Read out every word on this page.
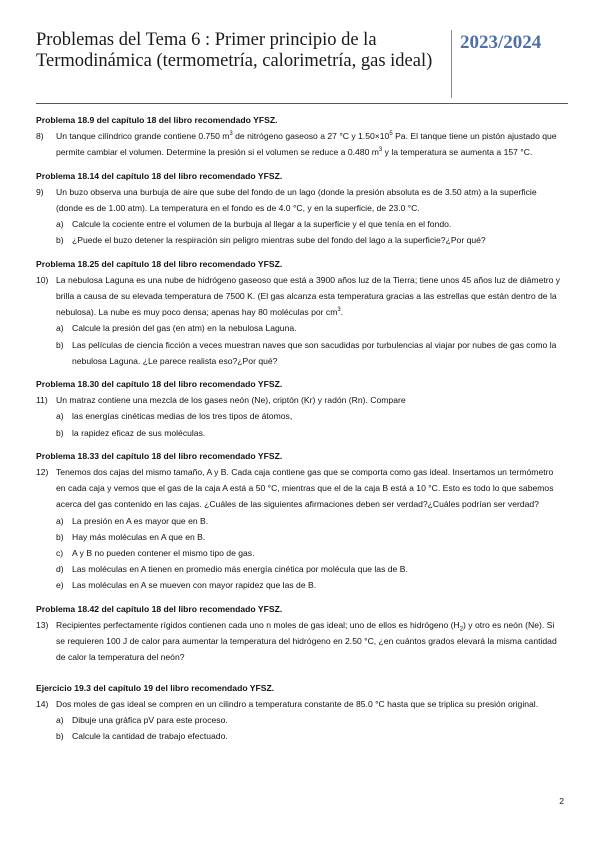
Problemas del Tema 6 : Primer principio de la Termodinámica (termometría, calorimetría, gas ideal)
2023/2024
Problema 18.9 del capítulo 18 del libro recomendado YFSZ.
8) Un tanque cilíndrico grande contiene 0.750 $m^3$ de nitrógeno gaseoso a 27 °C y $1.50\times 10^5$ Pa. El tanque tiene un pistón ajustado que permite cambiar el volumen. Determine la presión si el volumen se reduce a 0.480 $m^3$ y la temperatura se aumenta a 157 °C.
Problema 18.14 del capítulo 18 del libro recomendado YFSZ.
9) Un buzo observa una burbuja de aire que sube del fondo de un lago (donde la presión absoluta es de 3.50 atm) a la superficie (donde es de 1.00 atm). La temperatura en el fondo es de 4.0 °C, y en la superficie, de 23.0 °C.
a) Calcule la cociente entre el volumen de la burbuja al llegar a la superficie y el que tenía en el fondo.
b) ¿Puede el buzo detener la respiración sin peligro mientras sube del fondo del lago a la superficie?¿Por qué?
Problema 18.25 del capítulo 18 del libro recomendado YFSZ.
10) La nebulosa Laguna es una nube de hidrógeno gaseoso que está a 3900 años luz de la Tierra; tiene unos 45 años luz de diámetro y brilla a causa de su elevada temperatura de 7500 K. (El gas alcanza esta temperatura gracias a las estrellas que están dentro de la nebulosa). La nube es muy poco densa; apenas hay 80 moléculas por $cm^3$.
a) Calcule la presión del gas (en atm) en la nebulosa Laguna.
b) Las películas de ciencia ficción a veces muestran naves que son sacudidas por turbulencias al viajar por nubes de gas como la nebulosa Laguna. ¿Le parece realista eso?¿Por qué?
Problema 18.30 del capítulo 18 del libro recomendado YFSZ.
11) Un matraz contiene una mezcla de los gases neón (Ne), criptón (Kr) y radón (Rn). Compare
a) las energías cinéticas medias de los tres tipos de átomos,
b) la rapidez eficaz de sus moléculas.
Problema 18.33 del capítulo 18 del libro recomendado YFSZ.
12) Tenemos dos cajas del mismo tamaño, A y B. Cada caja contiene gas que se comporta como gas ideal. Insertamos un termómetro en cada caja y vemos que el gas de la caja A está a 50 °C, mientras que el de la caja B está a 10 °C. Esto es todo lo que sabemos acerca del gas contenido en las cajas. ¿Cuáles de las siguientes afirmaciones deben ser verdad?¿Cuáles podrían ser verdad?
a) La presión en A es mayor que en B.
b) Hay más moléculas en A que en B.
c) A y B no pueden contener el mismo tipo de gas.
d) Las moléculas en A tienen en promedio más energía cinética por molécula que las de B.
e) Las moléculas en A se mueven con mayor rapidez que las de B.
Problema 18.42 del capítulo 18 del libro recomendado YFSZ.
13) Recipientes perfectamente rígidos contienen cada uno n moles de gas ideal; uno de ellos es hidrógeno $(H_2)$ y otro es neón (Ne). Si se requieren 100 J de calor para aumentar la temperatura del hidrógeno en 2.50 °C, ¿en cuántos grados elevará la misma cantidad de calor la temperatura del neón?
Ejercicio 19.3 del capítulo 19 del libro recomendado YFSZ.
14) Dos moles de gas ideal se compren en un cilindro a temperatura constante de 85.0 °C hasta que se triplica su presión original.
a) Dibuje una gráfica pV para este proceso.
b) Calcule la cantidad de trabajo efectuado.
2
